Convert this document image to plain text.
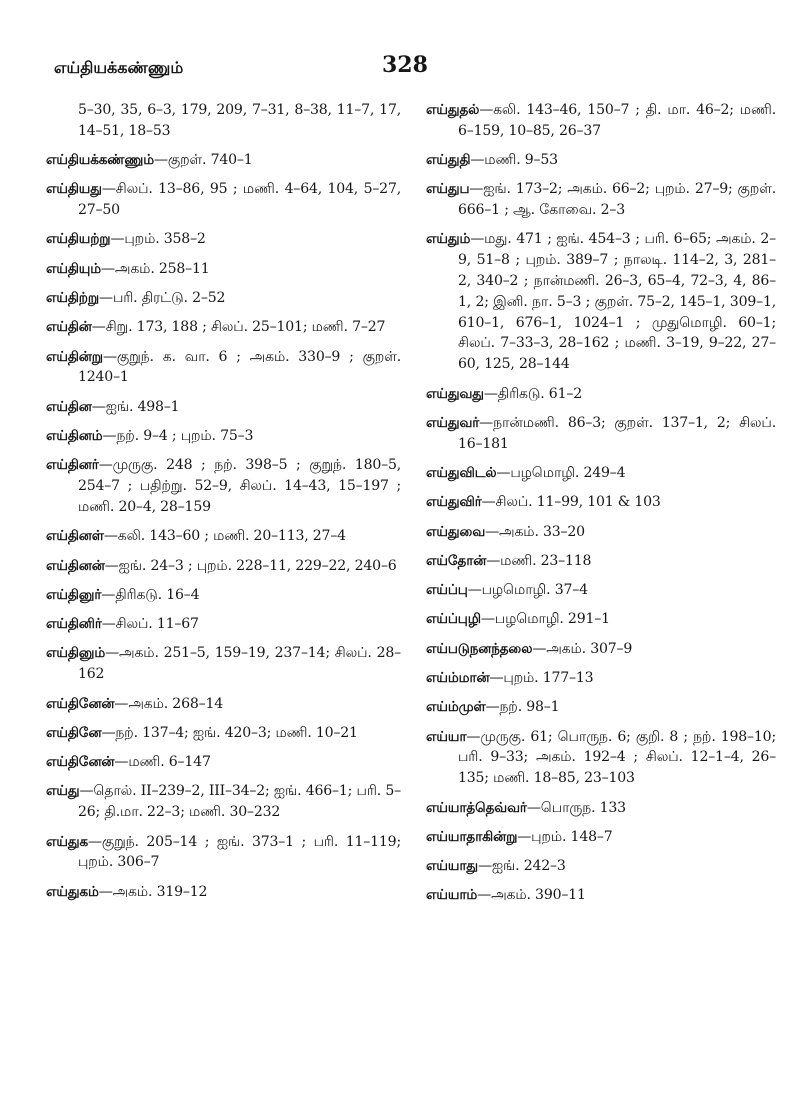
எய்தியக்கண்ணும்	328
5–30, 35, 6–3, 179, 209, 7–31, 8–38, 11–7, 17, 14–51, 18–53
எய்தியக்கண்ணும்—குறள். 740–1
எய்தியது—சிலப். 13–86, 95 ; மணி. 4–64, 104, 5–27, 27–50
எய்தியற்று—புறம். 358–2
எய்தியும்—அகம். 258–11
எய்திற்று—பரி. திரட்டு. 2–52
எய்தின்—சிறு. 173, 188 ; சிலப். 25–101; மணி. 7–27
எய்தின்று—குறுந். க. வா. 6 ; அகம். 330–9 ; குறள். 1240–1
எய்தின—ஐங். 498–1
எய்தினம்—நற். 9–4 ; புறம். 75–3
எய்தினர்—முருகு. 248 ; நற். 398–5 ; குறுந். 180–5, 254–7 ; பதிற்று. 52–9, சிலப். 14–43, 15–197 ; மணி. 20–4, 28–159
எய்தினள்—கலி. 143–60 ; மணி. 20–113, 27–4
எய்தினன்—ஐங். 24–3 ; புறம். 228–11, 229–22, 240–6
எய்தினுர்—திரிகடு. 16–4
எய்தினிர்—சிலப். 11–67
எய்தினும்—அகம். 251–5, 159–19, 237–14; சிலப். 28–162
எய்தினேன்—அகம். 268–14
எய்தினே—நற். 137–4; ஐங். 420–3; மணி. 10–21
எய்தினேன்—மணி. 6–147
எய்து—தொல். II–239–2, III–34–2; ஐங். 466–1; பரி. 5–26; தி.மா. 22–3; மணி. 30–232
எய்துக—குறுந். 205–14 ; ஐங். 373–1 ; பரி. 11–119; புறம். 306–7
எய்துகம்—அகம். 319–12
எய்துதல்—கலி. 143–46, 150–7 ; தி. மா. 46–2; மணி. 6–159, 10–85, 26–37
எய்துதி—மணி. 9–53
எய்துப—ஐங். 173–2; அகம். 66–2; புறம். 27–9; குறள். 666–1 ; ஆ. கோவை. 2–3
எய்தும்—மது. 471 ; ஐங். 454–3 ; பரி. 6–65; அகம். 2–9, 51–8 ; புறம். 389–7 ; நாலடி. 114–2, 3, 281–2, 340–2 ; நான்மணி. 26–3, 65–4, 72–3, 4, 86–1, 2; இனி. நா. 5–3 ; குறள். 75–2, 145–1, 309–1, 610–1, 676–1, 1024–1 ; முதுமொழி. 60–1; சிலப். 7–33–3, 28–162 ; மணி. 3–19, 9–22, 27–60, 125, 28–144
எய்துவது—திரிகடு. 61–2
எய்துவர்—நான்மணி. 86–3; குறள். 137–1, 2; சிலப். 16–181
எய்துவிடல்—பழமொழி. 249–4
எய்துவிர்—சிலப். 11–99, 101 & 103
எய்துவை—அகம். 33–20
எய்தோன்—மணி. 23–118
எய்ப்பு—பழமொழி. 37–4
எய்ப்புழி—பழமொழி. 291–1
எய்படுநனந்தலை—அகம். 307–9
எய்ம்மான்—புறம். 177–13
எய்ம்முள்—நற். 98–1
எய்யா—முருகு. 61; பொருந. 6; குறி. 8 ; நற். 198–10; பரி. 9–33; அகம். 192–4 ; சிலப். 12–1–4, 26–135; மணி. 18–85, 23–103
எய்யாத்தெவ்வர்—பொருந. 133
எய்யாதாகின்று—புறம். 148–7
எய்யாது—ஐங். 242–3
எய்யாம்—அகம். 390–11
